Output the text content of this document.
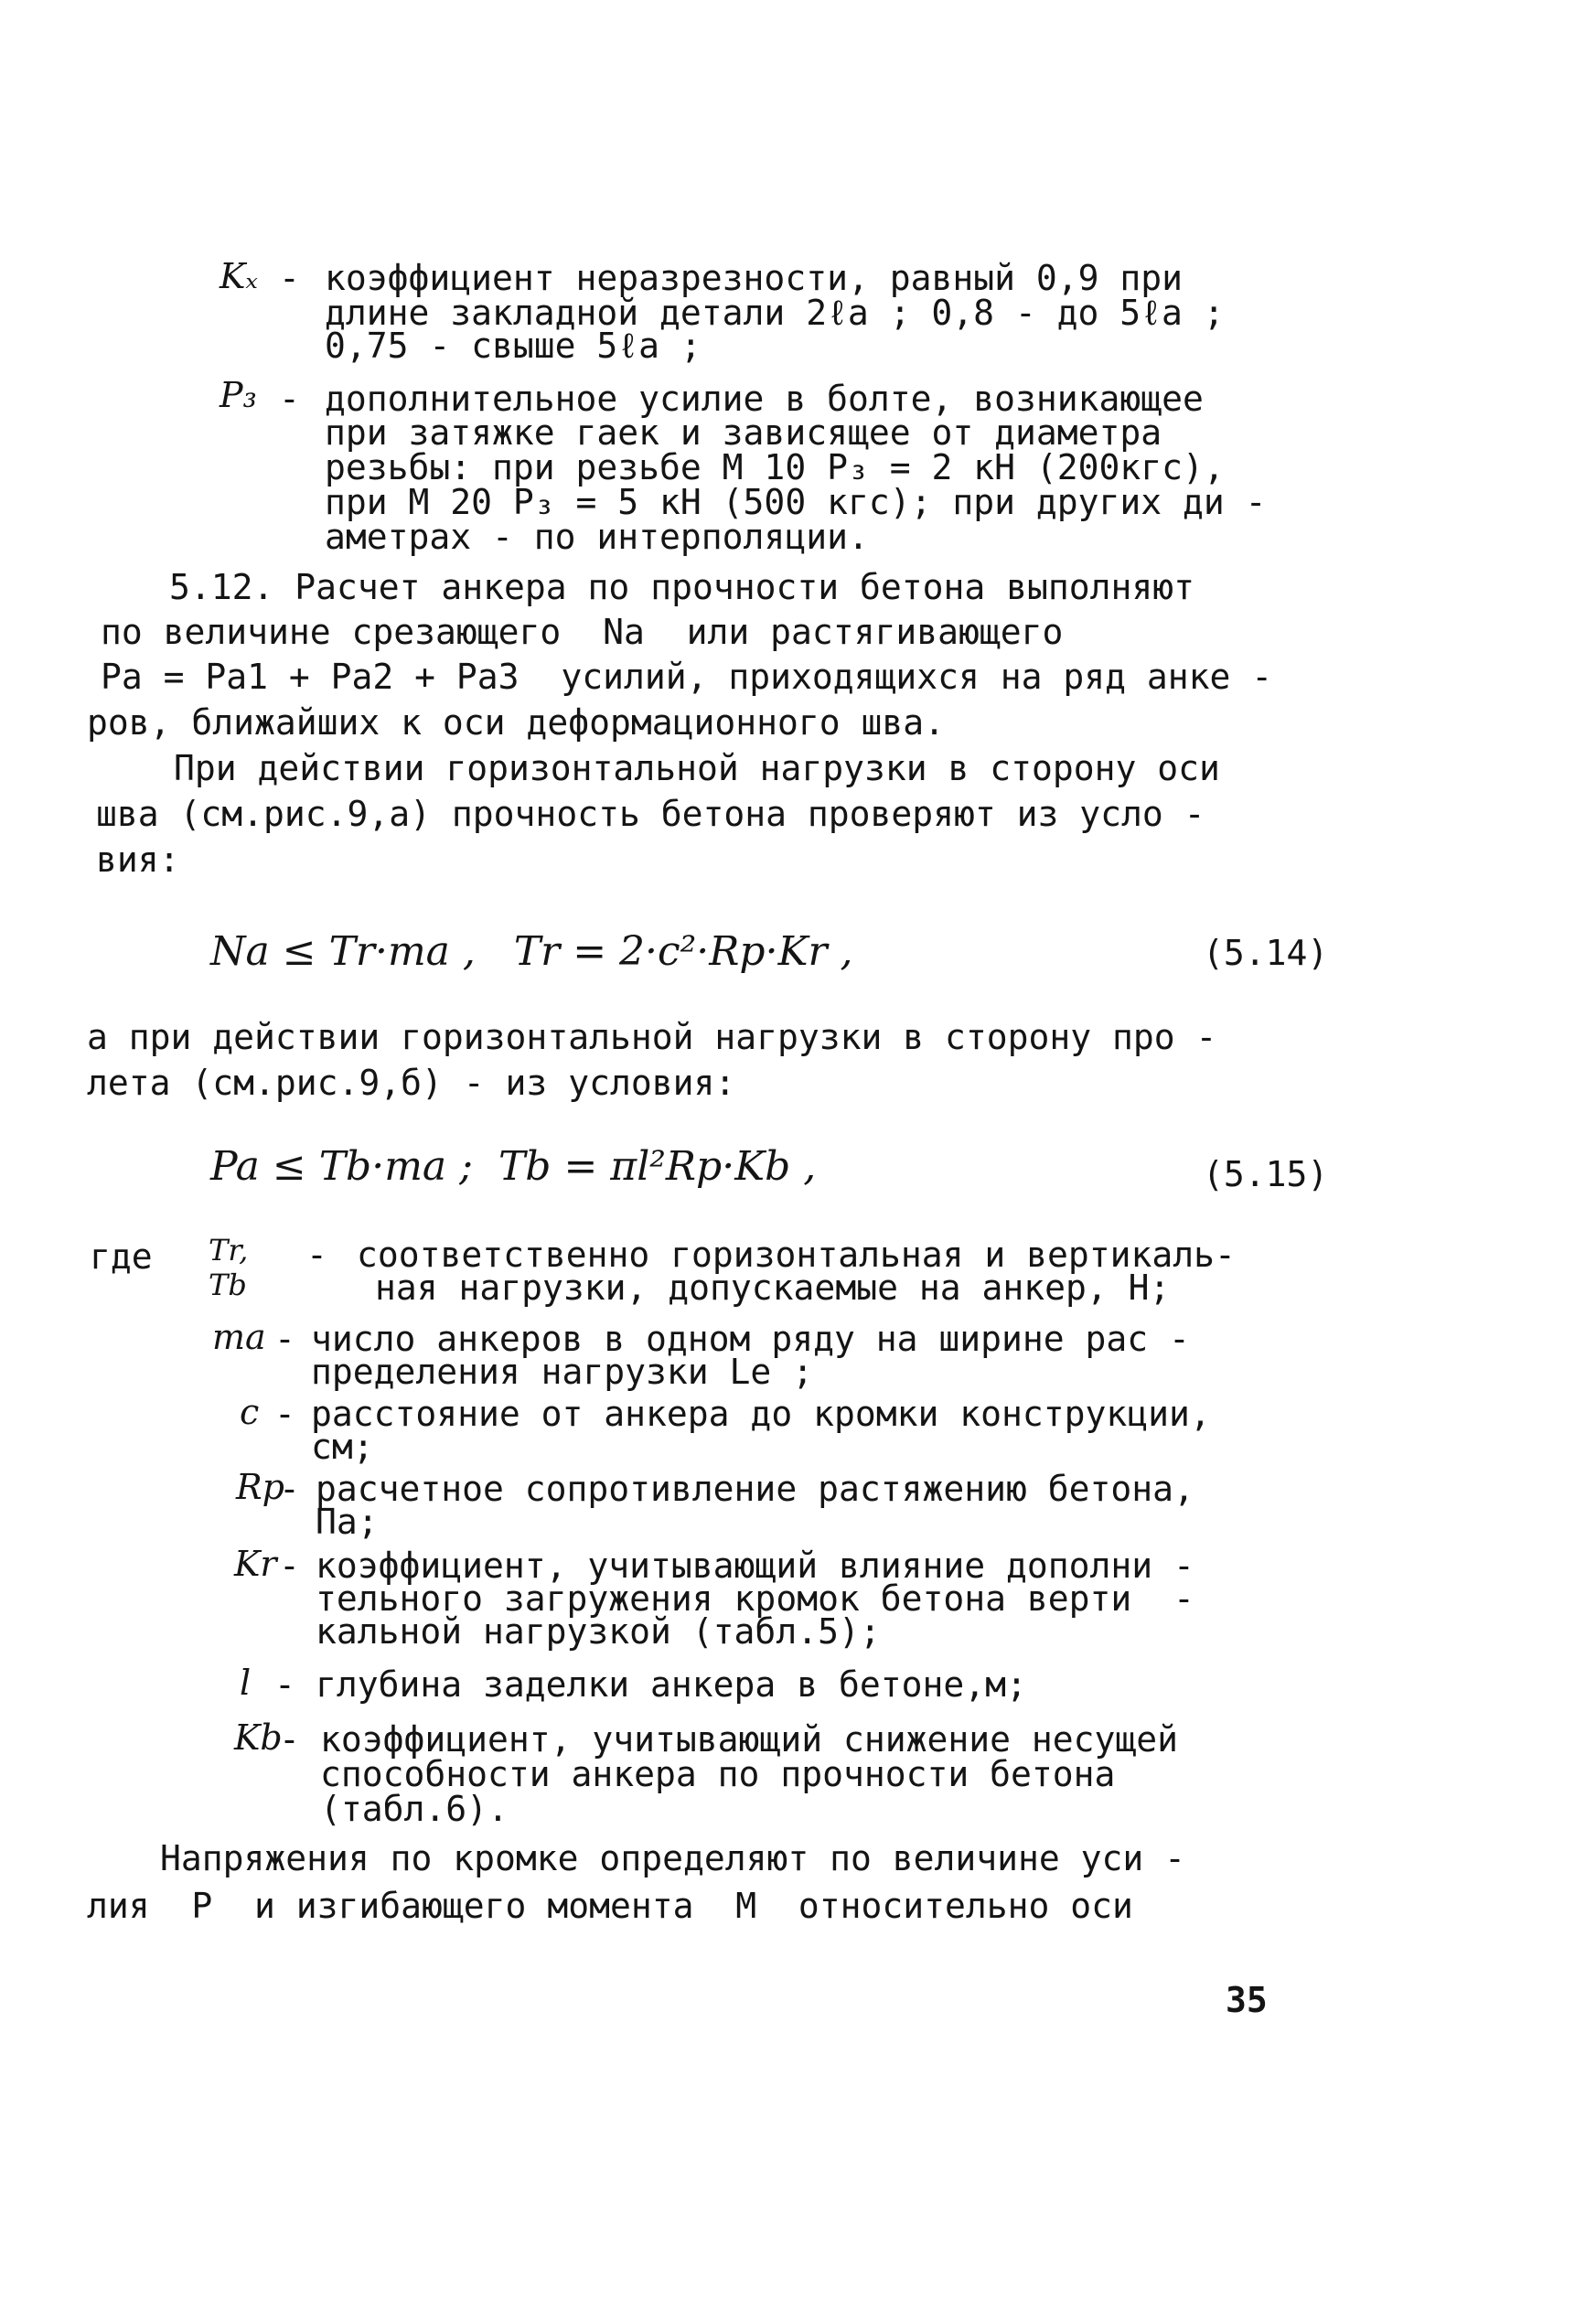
Kₓ - коэффициент неразрезности, равный 0,9 при
длине закладной детали 2ℓa ; 0,8 - до 5ℓa ;
0,75 - свыше 5ℓa ;
P₃ - дополнительное усилие в болте, возникающее
при затяжке гаек и зависящее от диаметра
резьбы: при резьбе М 10 P₃ = 2 кН (200кгс),
при М 20 P₃ = 5 кН (500 кгс); при других ди -
аметрах - по интерполяции.
5.12. Расчет анкера по прочности бетона выполняют
по величине срезающего  Na  или растягивающего
Pa = Pa1 + Pa2 + Pa3  усилий, приходящихся на ряд анке -
ров, ближайших к оси деформационного шва.
При действии горизонтальной нагрузки в сторону оси
шва (см.рис.9,а) прочность бетона проверяют из усло -
вия:
Na ≤ Tr·ma ,   Tr = 2·c²·Rp·Kr ,	(5.14)
а при действии горизонтальной нагрузки в сторону про -
лета (см.рис.9,б) - из условия:
Pa ≤ Tb·ma ;  Tb = πl²Rp·Kb ,	(5.15)
где Tr, Tb
- соответственно горизонтальная и вертикаль-
ная нагрузки, допускаемые на анкер, Н;
ma - число анкеров в одном ряду на ширине рас -
пределения нагрузки Le ;
c - расстояние от анкера до кромки конструкции,
см;
Rp
- расчетное сопротивление растяжению бетона,
Па;
Kr - коэффициент, учитывающий влияние дополни -
тельного загружения кромок бетона верти  -
кальной нагрузкой (табл.5);
l - глубина заделки анкера в бетоне,м;
Kb
- коэффициент, учитывающий снижение несущей
способности анкера по прочности бетона
(табл.6).
Напряжения по кромке определяют по величине уси -
лия  P  и изгибающего момента  M  относительно оси
35
